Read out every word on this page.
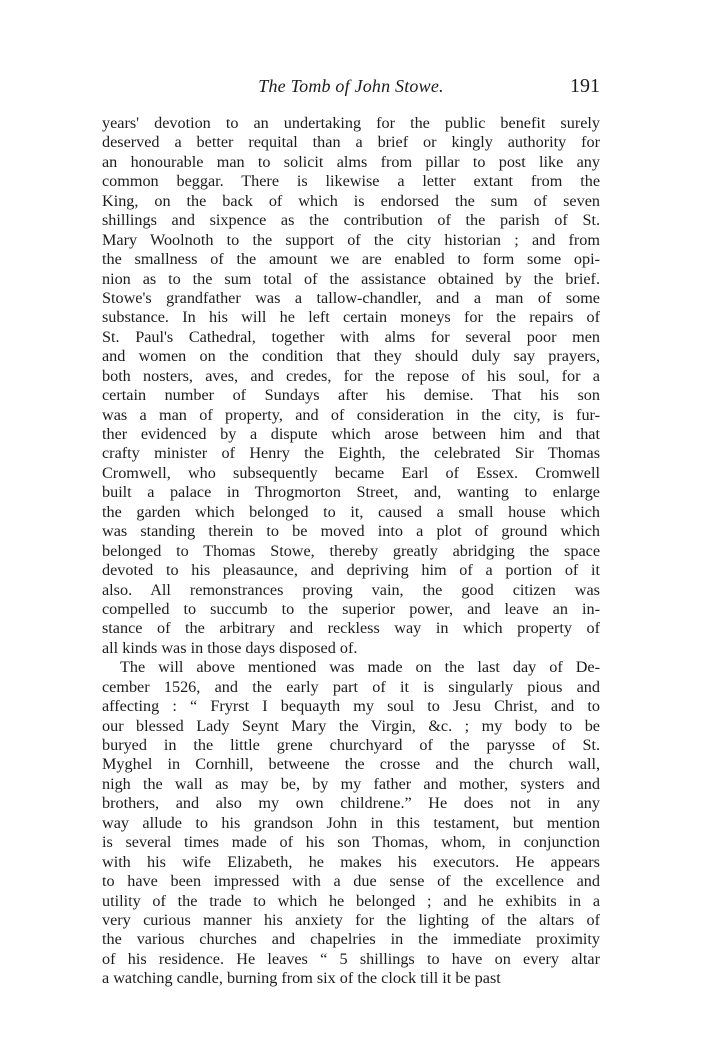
The Tomb of John Stowe.	191
years' devotion to an undertaking for the public benefit surely
deserved a better requital than a brief or kingly authority for
an honourable man to solicit alms from pillar to post like any
common beggar. There is likewise a letter extant from the
King, on the back of which is endorsed the sum of seven
shillings and sixpence as the contribution of the parish of St.
Mary Woolnoth to the support of the city historian ; and from
the smallness of the amount we are enabled to form some opi-
nion as to the sum total of the assistance obtained by the brief.
Stowe's grandfather was a tallow-chandler, and a man of some
substance. In his will he left certain moneys for the repairs of
St. Paul's Cathedral, together with alms for several poor men
and women on the condition that they should duly say prayers,
both nosters, aves, and credes, for the repose of his soul, for a
certain number of Sundays after his demise. That his son
was a man of property, and of consideration in the city, is fur-
ther evidenced by a dispute which arose between him and that
crafty minister of Henry the Eighth, the celebrated Sir Thomas
Cromwell, who subsequently became Earl of Essex. Cromwell
built a palace in Throgmorton Street, and, wanting to enlarge
the garden which belonged to it, caused a small house which
was standing therein to be moved into a plot of ground which
belonged to Thomas Stowe, thereby greatly abridging the space
devoted to his pleasaunce, and depriving him of a portion of it
also. All remonstrances proving vain, the good citizen was
compelled to succumb to the superior power, and leave an in-
stance of the arbitrary and reckless way in which property of
all kinds was in those days disposed of.
The will above mentioned was made on the last day of De-
cember 1526, and the early part of it is singularly pious and
affecting : “ Fryrst I bequayth my soul to Jesu Christ, and to
our blessed Lady Seynt Mary the Virgin, &c. ; my body to be
buryed in the little grene churchyard of the parysse of St.
Myghel in Cornhill, betweene the crosse and the church wall,
nigh the wall as may be, by my father and mother, systers and
brothers, and also my own childrene.” He does not in any
way allude to his grandson John in this testament, but mention
is several times made of his son Thomas, whom, in conjunction
with his wife Elizabeth, he makes his executors. He appears
to have been impressed with a due sense of the excellence and
utility of the trade to which he belonged ; and he exhibits in a
very curious manner his anxiety for the lighting of the altars of
the various churches and chapelries in the immediate proximity
of his residence. He leaves “ 5 shillings to have on every altar
a watching candle, burning from six of the clock till it be past
